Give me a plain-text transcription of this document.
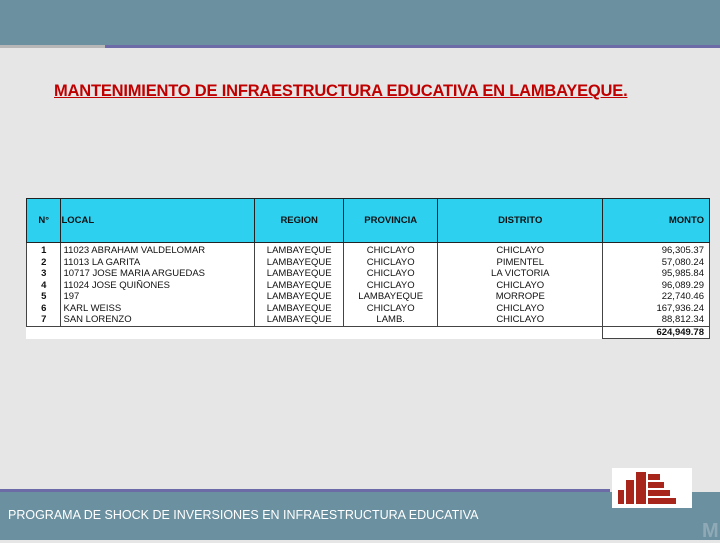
MANTENIMIENTO DE INFRAESTRUCTURA EDUCATIVA EN LAMBAYEQUE.
N°	LOCAL	REGION	PROVINCIA	DISTRITO	MONTO
1	11023 ABRAHAM VALDELOMAR	LAMBAYEQUE	CHICLAYO	CHICLAYO	96,305.37
2	11013 LA GARITA	LAMBAYEQUE	CHICLAYO	PIMENTEL	57,080.24
3	10717 JOSE MARIA ARGUEDAS	LAMBAYEQUE	CHICLAYO	LA VICTORIA	95,985.84
4	11024 JOSE QUIÑONES	LAMBAYEQUE	CHICLAYO	CHICLAYO	96,089.29
5	197	LAMBAYEQUE	LAMBAYEQUE	MORROPE	22,740.46
6	KARL WEISS	LAMBAYEQUE	CHICLAYO	CHICLAYO	167,936.24
7	SAN LORENZO	LAMBAYEQUE	LAMB.	CHICLAYO	88,812.34
					624,949.78
PROGRAMA DE SHOCK DE INVERSIONES EN INFRAESTRUCTURA EDUCATIVA
M
